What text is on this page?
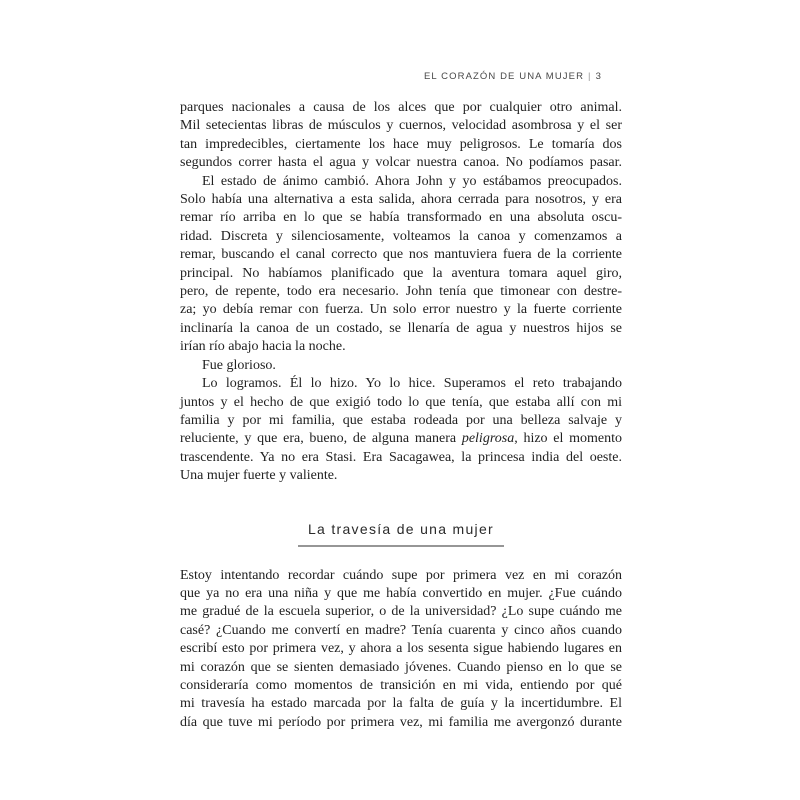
EL CORAZÓN DE UNA MUJER | 3
parques nacionales a causa de los alces que por cualquier otro animal.
Mil setecientas libras de músculos y cuernos, velocidad asombrosa y el ser
tan impredecibles, ciertamente los hace muy peligrosos. Le tomaría dos
segundos correr hasta el agua y volcar nuestra canoa. No podíamos pasar.
El estado de ánimo cambió. Ahora John y yo estábamos preocupados.
Solo había una alternativa a esta salida, ahora cerrada para nosotros, y era
remar río arriba en lo que se había transformado en una absoluta oscu-
ridad. Discreta y silenciosamente, volteamos la canoa y comenzamos a
remar, buscando el canal correcto que nos mantuviera fuera de la corriente
principal. No habíamos planificado que la aventura tomara aquel giro,
pero, de repente, todo era necesario. John tenía que timonear con destre-
za; yo debía remar con fuerza. Un solo error nuestro y la fuerte corriente
inclinaría la canoa de un costado, se llenaría de agua y nuestros hijos se
irían río abajo hacia la noche.
Fue glorioso.
Lo logramos. Él lo hizo. Yo lo hice. Superamos el reto trabajando
juntos y el hecho de que exigió todo lo que tenía, que estaba allí con mi
familia y por mi familia, que estaba rodeada por una belleza salvaje y
reluciente, y que era, bueno, de alguna manera peligrosa, hizo el momento
trascendente. Ya no era Stasi. Era Sacagawea, la princesa india del oeste.
Una mujer fuerte y valiente.
La travesía de una mujer
Estoy intentando recordar cuándo supe por primera vez en mi corazón
que ya no era una niña y que me había convertido en mujer. ¿Fue cuándo
me gradué de la escuela superior, o de la universidad? ¿Lo supe cuándo me
casé? ¿Cuando me convertí en madre? Tenía cuarenta y cinco años cuando
escribí esto por primera vez, y ahora a los sesenta sigue habiendo lugares en
mi corazón que se sienten demasiado jóvenes. Cuando pienso en lo que se
consideraría como momentos de transición en mi vida, entiendo por qué
mi travesía ha estado marcada por la falta de guía y la incertidumbre. El
día que tuve mi período por primera vez, mi familia me avergonzó durante
